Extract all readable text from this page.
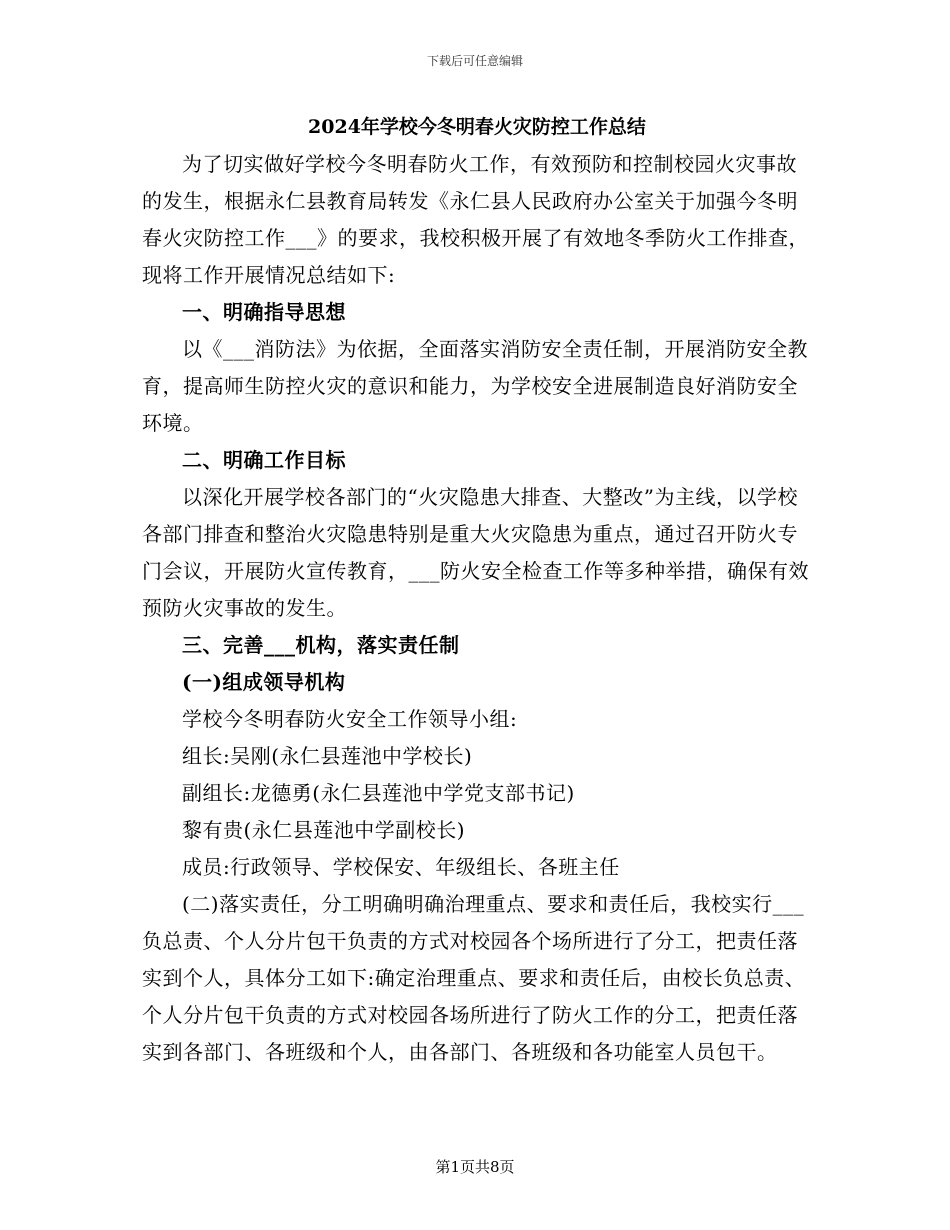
下载后可任意编辑
2024年学校今冬明春火灾防控工作总结

为了切实做好学校今冬明春防火工作，有效预防和控制校园火灾事故的发生，根据永仁县教育局转发《永仁县人民政府办公室关于加强今冬明春火灾防控工作___》的要求，我校积极开展了有效地冬季防火工作排查，现将工作开展情况总结如下:

一、明确指导思想

以《___消防法》为依据，全面落实消防安全责任制，开展消防安全教育，提高师生防控火灾的意识和能力，为学校安全进展制造良好消防安全环境。

二、明确工作目标

以深化开展学校各部门的“火灾隐患大排查、大整改”为主线，以学校各部门排查和整治火灾隐患特别是重大火灾隐患为重点，通过召开防火专门会议，开展防火宣传教育，___防火安全检查工作等多种举措，确保有效预防火灾事故的发生。

三、完善___机构，落实责任制

(一)组成领导机构

学校今冬明春防火安全工作领导小组:

组长:吴刚(永仁县莲池中学校长)

副组长:龙德勇(永仁县莲池中学党支部书记)

黎有贵(永仁县莲池中学副校长)

成员:行政领导、学校保安、年级组长、各班主任

(二)落实责任，分工明确明确治理重点、要求和责任后，我校实行___负总责、个人分片包干负责的方式对校园各个场所进行了分工，把责任落实到个人，具体分工如下:确定治理重点、要求和责任后，由校长负总责、个人分片包干负责的方式对校园各场所进行了防火工作的分工，把责任落实到各部门、各班级和个人，由各部门、各班级和各功能室人员包干。

第1页共8页
